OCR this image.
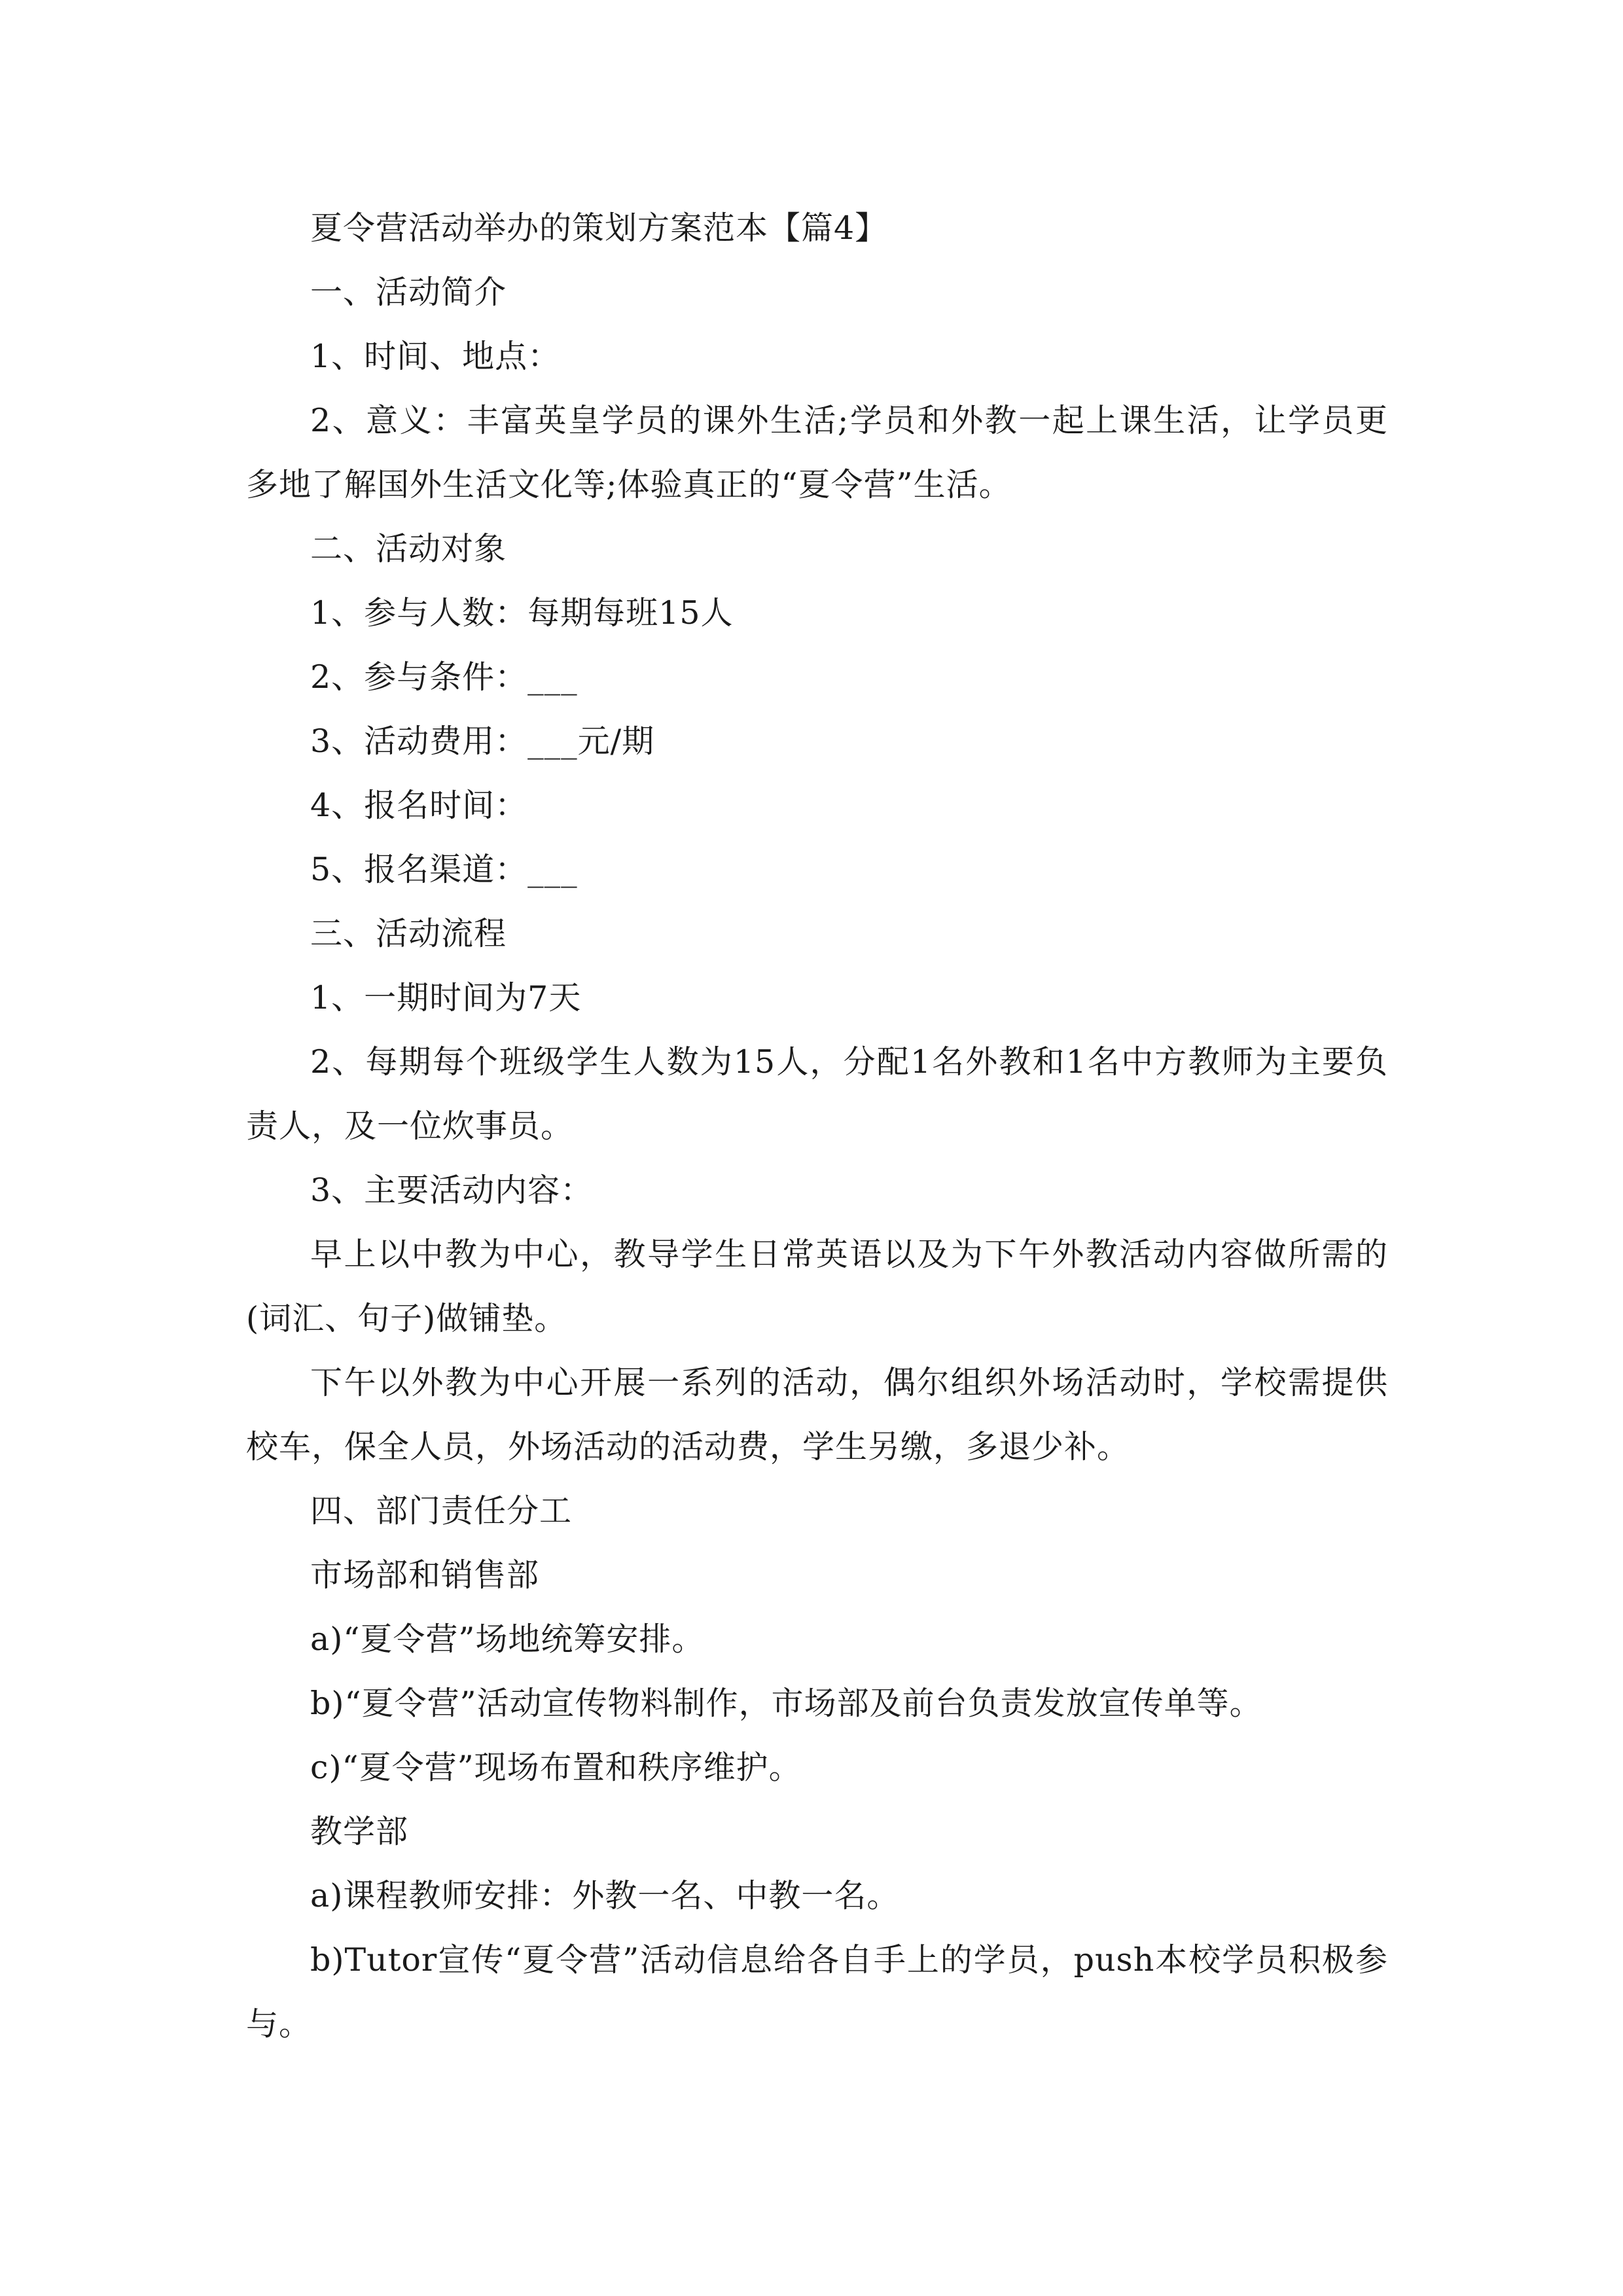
夏令营活动举办的策划方案范本【篇4】

一、活动简介

1、时间、地点：

2、意义：丰富英皇学员的课外生活;学员和外教一起上课生活，让学员更多地了解国外生活文化等;体验真正的“夏令营”生活。

二、活动对象

1、参与人数：每期每班15人

2、参与条件：___

3、活动费用：___元/期

4、报名时间：

5、报名渠道：___

三、活动流程

1、一期时间为7天

2、每期每个班级学生人数为15人，分配1名外教和1名中方教师为主要负责人，及一位炊事员。

3、主要活动内容：

早上以中教为中心，教导学生日常英语以及为下午外教活动内容做所需的(词汇、句子)做铺垫。

下午以外教为中心开展一系列的活动，偶尔组织外场活动时，学校需提供校车，保全人员，外场活动的活动费，学生另缴，多退少补。

四、部门责任分工

市场部和销售部

a)“夏令营”场地统筹安排。

b)“夏令营”活动宣传物料制作，市场部及前台负责发放宣传单等。

c)“夏令营”现场布置和秩序维护。

教学部

a)课程教师安排：外教一名、中教一名。

b)Tutor宣传“夏令营”活动信息给各自手上的学员，push本校学员积极参与。
